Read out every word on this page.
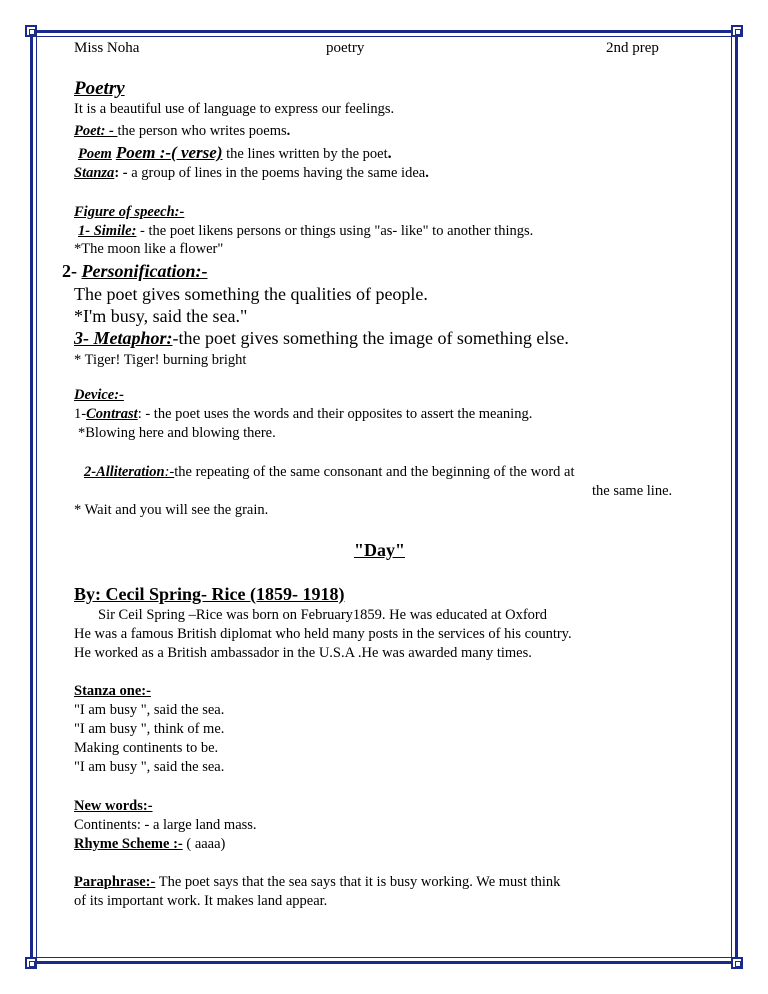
Miss Noha	poetry	2nd prep
Poetry
It is a beautiful use of language to express our feelings.
Poet: - the person who writes poems.
Poem Poem :-( verse) the lines written by the poet.
Stanza: - a group of lines in the poems having the same idea.
Figure of speech:-
1- Simile: - the poet likens persons or things using "as- like" to another things.
*The moon like a flower"
2- Personification:-
The poet gives something the qualities of people.
*I'm busy, said the sea."
3- Metaphor:-the poet gives something the image of something else.
* Tiger! Tiger! burning bright
Device:-
1-Contrast: - the poet uses the words and their opposites to assert the meaning.
*Blowing here and blowing there.
2-Alliteration:-the repeating of the same consonant and the beginning of the word at
the same line.
* Wait and you will see the grain.
"Day"
By: Cecil Spring- Rice (1859- 1918)
Sir Ceil Spring –Rice was born on February1859. He was educated at Oxford
He was a famous British diplomat who held many posts in the services of his country.
He worked as a British ambassador in the U.S.A .He was awarded many times.
Stanza one:-
"I am busy ", said the sea.
"I am busy ", think of me.
Making continents to be.
"I am busy ", said the sea.
New words:-
Continents: - a large land mass.
Rhyme Scheme :- ( aaaa)
Paraphrase:- The poet says that the sea says that it is busy working. We must think
of its important work. It makes land appear.
